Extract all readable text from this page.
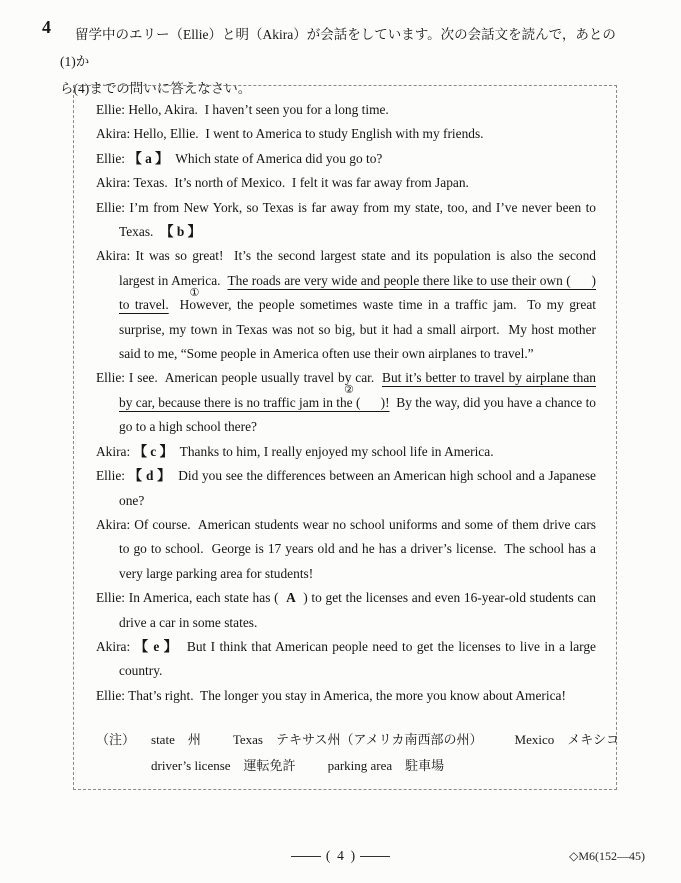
4	留学中のエリー（Ellie）と明（Akira）が会話をしています。次の会話文を読んで，あとの(1)か
ら(4)までの問いに答えなさい。

Ellie: Hello, Akira.  I haven’t seen you for a long time.

Akira: Hello, Ellie.  I went to America to study English with my friends.

Ellie: 【 a 】  Which state of America did you go to?

Akira: Texas.  It’s north of Mexico.  I felt it was far away from Japan.

Ellie: I’m from New York, so Texas is far away from my state, too, and I’ve never been to Texas.  【 b 】

Akira: It was so great!  It’s the second largest state and its population is also the second largest in America.
①
The roads are very wide and people there like to use their own (      ) to travel.  However, the people sometimes waste time in a traffic jam.  To my great surprise, my town in Texas was not so big, but it had a small airport.  My host mother said to me, “Some people in America often use their own airplanes to travel.”

Ellie: I see.  American people usually travel by car.
②
But it’s better to travel by airplane than by car, because there is no traffic jam in the (      )!  By the way, did you have a chance to go to a high school there?

Akira: 【 c 】  Thanks to him, I really enjoyed my school life in America.

Ellie: 【 d 】  Did you see the differences between an American high school and a Japanese one?

Akira: Of course.  American students wear no school uniforms and some of them drive cars to go to school.  George is 17 years old and he has a driver’s license.  The school has a very large parking area for students!

Ellie: In America, each state has (  A  ) to get the licenses and even 16-year-old students can drive a car in some states.

Akira: 【 e 】  But I think that American people need to get the licenses to live in a large country.

Ellie: That’s right.  The longer you stay in America, the more you know about America!

（注） state　州 Texas　テキサス州（アメリカ南西部の州） Mexico　メキシコ
driver’s license　運転免許 parking area　駐車場
(  4  )	◇M6(152—45)
